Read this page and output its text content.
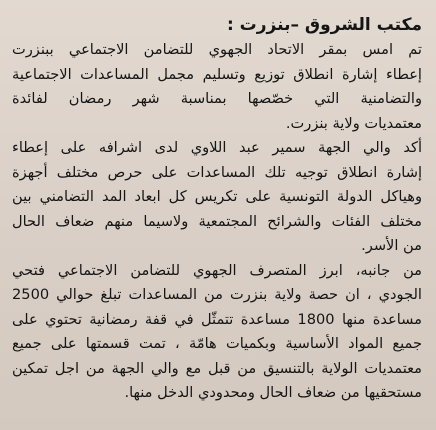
مكتب الشروق –بنزرت :
تم امس بمقر الاتحاد الجهوي للتضامن الاجتماعي ببنزرت
إعطاء إشارة انطلاق توزيع وتسليم مجمل المساعدات الاجتماعية
والتضامنية التي خصّصها بمناسبة شهر رمضان لفائدة
معتمديات ولاية بنزرت.
أكد والي الجهة سمير عبد اللاوي لدى اشرافه على إعطاء
إشارة انطلاق توجيه تلك المساعدات على حرص مختلف أجهزة
وهياكل الدولة التونسية على تكريس كل ابعاد المد التضامني بين
مختلف الفئات والشرائح المجتمعية ولاسيما منهم ضعاف الحال
من الأسر.
من جانبه، ابرز المتصرف الجهوي للتضامن الاجتماعي فتحي
الجودي ، ان حصة ولاية بنزرت من المساعدات تبلغ حوالي 2500
مساعدة منها 1800 مساعدة تتمثّل في قفة رمضانية تحتوي على
جميع المواد الأساسية وبكميات هامّة ، تمت قسمتها على جميع
معتمديات الولاية بالتنسيق من قبل مع والي الجهة من اجل تمكين
مستحقيها من ضعاف الحال ومحدودي الدخل منها.
